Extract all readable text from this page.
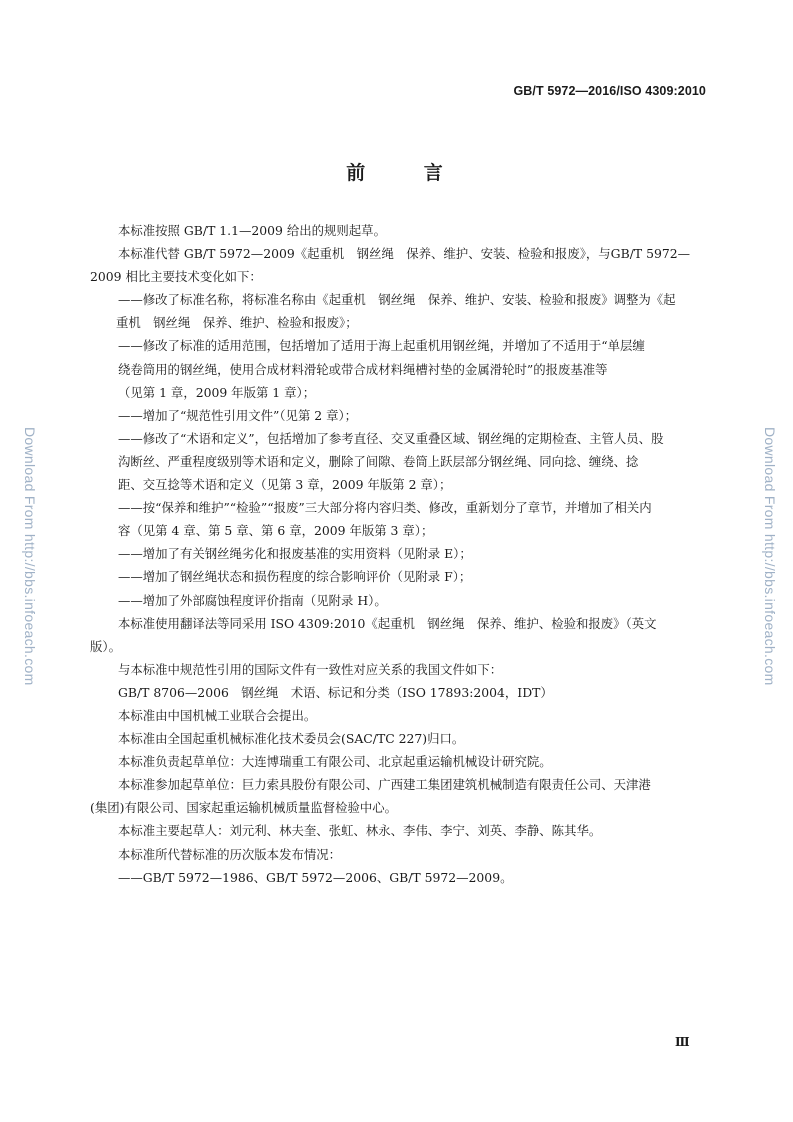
GB/T 5972—2016/ISO 4309:2010
前 言
本标准按照 GB/T 1.1—2009 给出的规则起草。
本标准代替 GB/T 5972—2009《起重机　钢丝绳　保养、维护、安装、检验和报废》，与GB/T 5972—
2009 相比主要技术变化如下：
——修改了标准名称，将标准名称由《起重机　钢丝绳　保养、维护、安装、检验和报废》调整为《起
重机　钢丝绳　保养、维护、检验和报废》；
——修改了标准的适用范围，包括增加了适用于海上起重机用钢丝绳，并增加了不适用于“单层缠
绕卷筒用的钢丝绳，使用合成材料滑轮或带合成材料绳槽衬垫的金属滑轮时”的报废基准等
（见第 1 章，2009 年版第 1 章）；
——增加了“规范性引用文件”（见第 2 章）；
——修改了“术语和定义”，包括增加了参考直径、交叉重叠区域、钢丝绳的定期检查、主管人员、股
沟断丝、严重程度级别等术语和定义，删除了间隙、卷筒上跃层部分钢丝绳、同向捻、缠绕、捻
距、交互捻等术语和定义（见第 3 章，2009 年版第 2 章）；
——按“保养和维护”“检验”“报废”三大部分将内容归类、修改，重新划分了章节，并增加了相关内
容（见第 4 章、第 5 章、第 6 章，2009 年版第 3 章）；
——增加了有关钢丝绳劣化和报废基准的实用资料（见附录 E）；
——增加了钢丝绳状态和损伤程度的综合影响评价（见附录 F）；
——增加了外部腐蚀程度评价指南（见附录 H）。
本标准使用翻译法等同采用 ISO 4309:2010《起重机　钢丝绳　保养、维护、检验和报废》（英文
版）。
与本标准中规范性引用的国际文件有一致性对应关系的我国文件如下：
GB/T 8706—2006　钢丝绳　术语、标记和分类（ISO 17893:2004，IDT）
本标准由中国机械工业联合会提出。
本标准由全国起重机械标准化技术委员会(SAC/TC 227)归口。
本标准负责起草单位：大连博瑞重工有限公司、北京起重运输机械设计研究院。
本标准参加起草单位：巨力索具股份有限公司、广西建工集团建筑机械制造有限责任公司、天津港
(集团)有限公司、国家起重运输机械质量监督检验中心。
本标准主要起草人：刘元利、林夫奎、张虹、林永、李伟、李宁、刘英、李静、陈其华。
本标准所代替标准的历次版本发布情况：
——GB/T 5972—1986、GB/T 5972—2006、GB/T 5972—2009。
Download From http://bbs.infoeach.com	Download From http://bbs.infoeach.com
Ⅲ
